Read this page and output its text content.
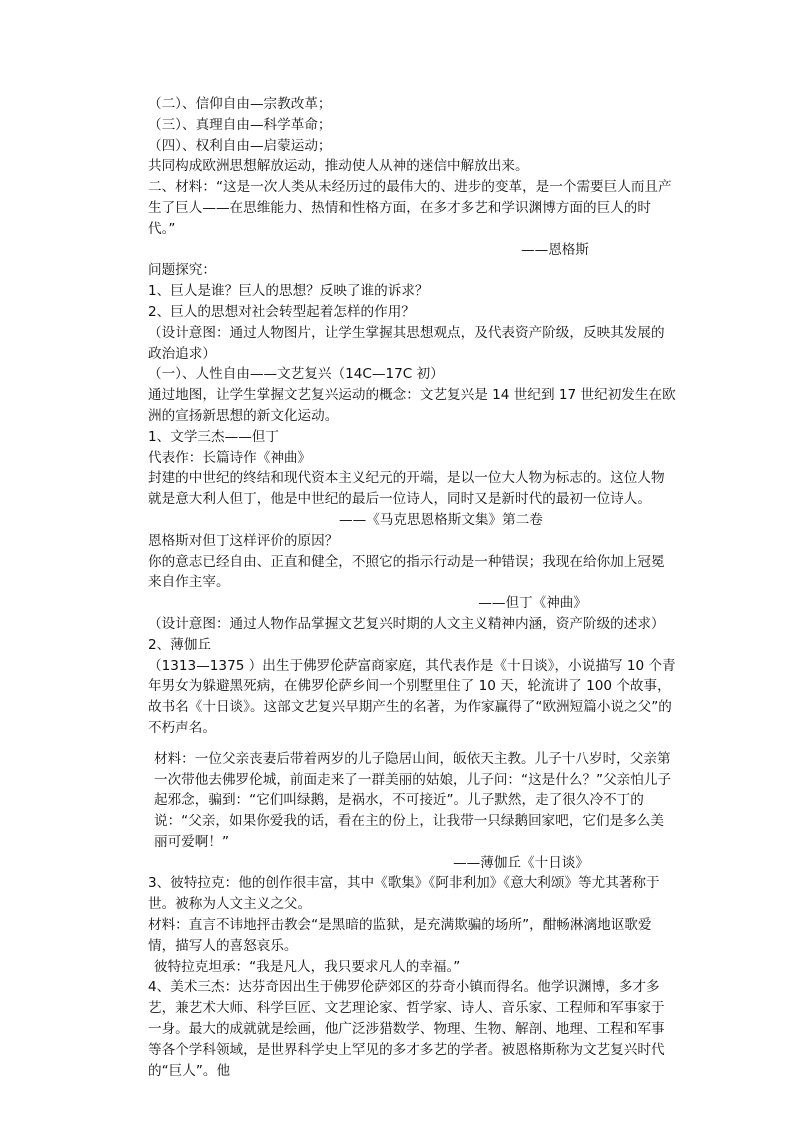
（二）、信仰自由—宗教改革；
（三）、真理自由—科学革命；
（四）、权利自由—启蒙运动；
共同构成欧洲思想解放运动，推动使人从神的迷信中解放出来。
二、材料：“这是一次人类从未经历过的最伟大的、进步的变革，是一个需要巨人而且产生了巨人——在思维能力、热情和性格方面，在多才多艺和学识渊博方面的巨人的时代。”
——恩格斯
问题探究：
1、巨人是谁？巨人的思想？反映了谁的诉求？
2、巨人的思想对社会转型起着怎样的作用？
（设计意图：通过人物图片，让学生掌握其思想观点，及代表资产阶级，反映其发展的政治追求）
（一）、人性自由——文艺复兴（14C—17C 初）
通过地图，让学生掌握文艺复兴运动的概念：文艺复兴是 14 世纪到 17 世纪初发生在欧洲的宣扬新思想的新文化运动。
1、文学三杰——但丁
代表作：长篇诗作《神曲》
封建的中世纪的终结和现代资本主义纪元的开端，是以一位大人物为标志的。这位人物就是意大利人但丁，他是中世纪的最后一位诗人，同时又是新时代的最初一位诗人。
——《马克思恩格斯文集》第二卷
恩格斯对但丁这样评价的原因？
你的意志已经自由、正直和健全，不照它的指示行动是一种错误；我现在给你加上冠冕来自作主宰。
——但丁《神曲》
（设计意图：通过人物作品掌握文艺复兴时期的人文主义精神内涵，资产阶级的述求）
2、薄伽丘
（1313—1375 ）出生于佛罗伦萨富商家庭，其代表作是《十日谈》，小说描写 10 个青年男女为躲避黑死病，在佛罗伦萨乡间一个别墅里住了 10 天，轮流讲了 100 个故事，故书名《十日谈》。这部文艺复兴早期产生的名著，为作家赢得了“欧洲短篇小说之父”的不朽声名。
材料：一位父亲丧妻后带着两岁的儿子隐居山间，皈依天主教。儿子十八岁时，父亲第一次带他去佛罗伦城，前面走来了一群美丽的姑娘，儿子问：“这是什么？”父亲怕儿子起邪念，骗到：“它们叫绿鹅，是祸水，不可接近”。儿子默然，走了很久冷不丁的说：“父亲，如果你爱我的话，看在主的份上，让我带一只绿鹅回家吧，它们是多么美丽可爱啊！”
——薄伽丘《十日谈》
3、彼特拉克：他的创作很丰富，其中《歌集》《阿非利加》《意大利颂》等尤其著称于世。被称为人文主义之父。
材料：直言不讳地抨击教会“是黑暗的监狱，是充满欺骗的场所”，酣畅淋漓地讴歌爱情，描写人的喜怒哀乐。
彼特拉克坦承：“我是凡人，我只要求凡人的幸福。”
4、美术三杰：达芬奇因出生于佛罗伦萨郊区的芬奇小镇而得名。他学识渊博，多才多艺，兼艺术大师、科学巨匠、文艺理论家、哲学家、诗人、音乐家、工程师和军事家于一身。最大的成就就是绘画，他广泛涉猎数学、物理、生物、解剖、地理、工程和军事等各个学科领域，是世界科学史上罕见的多才多艺的学者。被恩格斯称为文艺复兴时代的“巨人”。他
